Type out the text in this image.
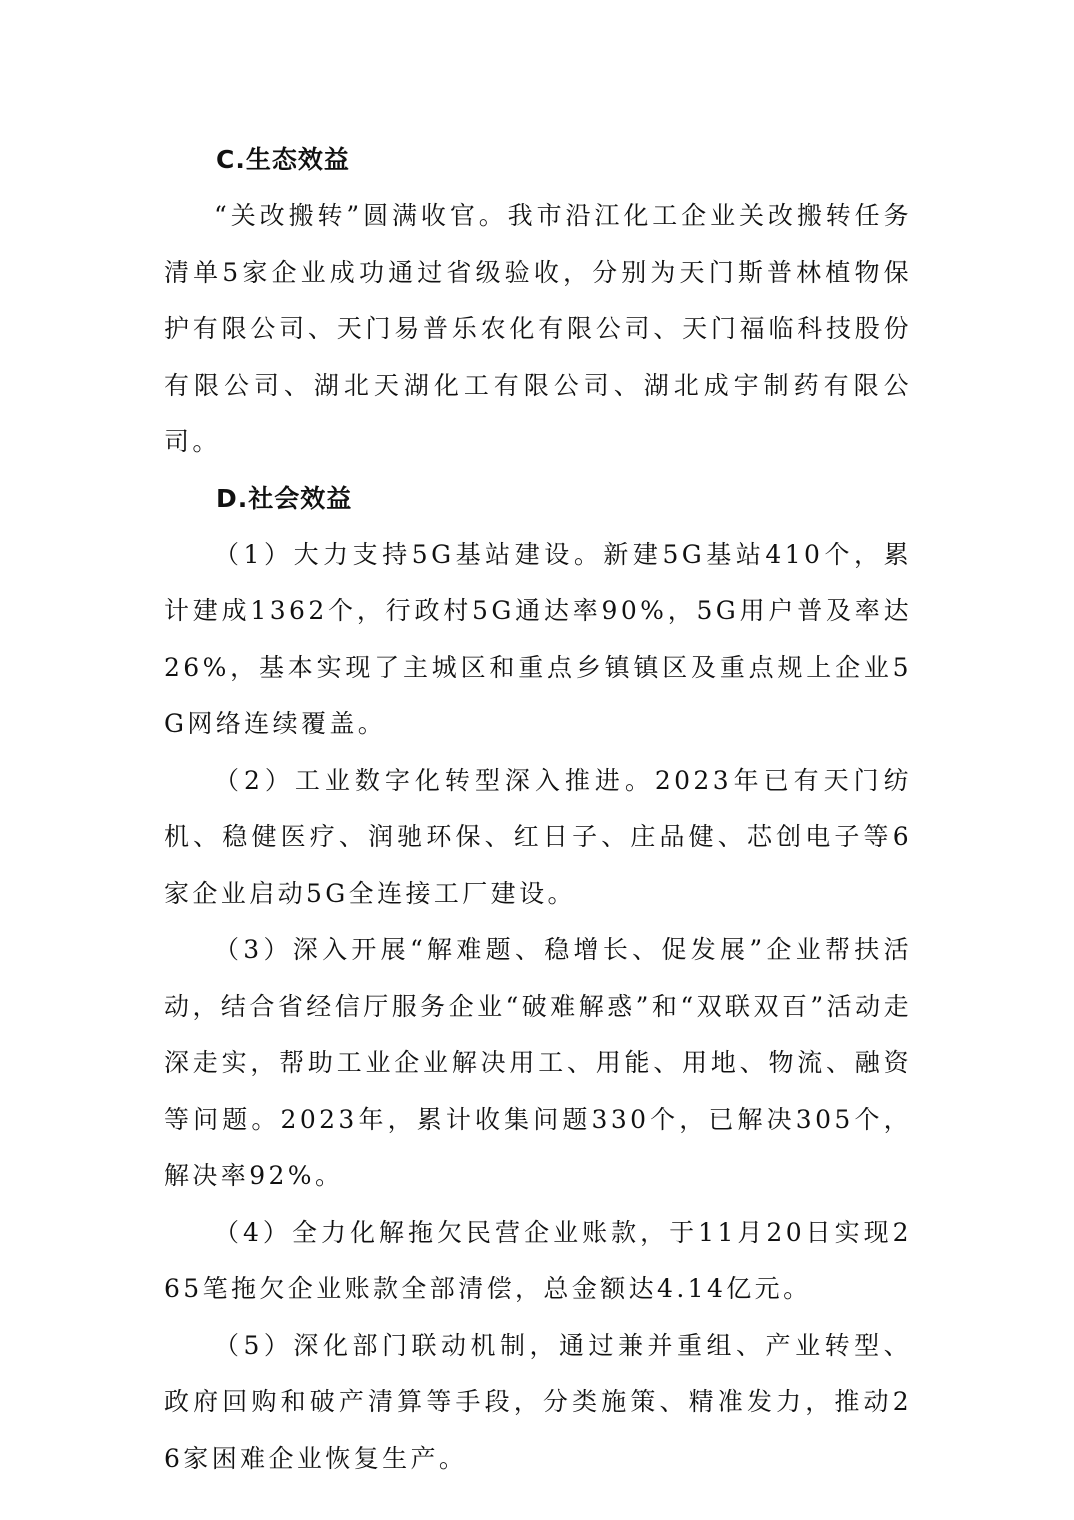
C.生态效益

“关改搬转”圆满收官。我市沿江化工企业关改搬转任务清单5家企业成功通过省级验收，分别为天门斯普林植物保护有限公司、天门易普乐农化有限公司、天门福临科技股份有限公司、湖北天湖化工有限公司、湖北成宇制药有限公司。

D.社会效益

（1）大力支持5G基站建设。新建5G基站410个，累计建成1362个，行政村5G通达率90%，5G用户普及率达26%，基本实现了主城区和重点乡镇镇区及重点规上企业5G网络连续覆盖。

（2）工业数字化转型深入推进。2023年已有天门纺机、稳健医疗、润驰环保、红日子、庄品健、芯创电子等6家企业启动5G全连接工厂建设。

（3）深入开展“解难题、稳增长、促发展”企业帮扶活动，结合省经信厅服务企业“破难解惑”和“双联双百”活动走深走实，帮助工业企业解决用工、用能、用地、物流、融资等问题。2023年，累计收集问题330个，已解决305个，解决率92%。

（4）全力化解拖欠民营企业账款，于11月20日实现265笔拖欠企业账款全部清偿，总金额达4.14亿元。

（5）深化部门联动机制，通过兼并重组、产业转型、政府回购和破产清算等手段，分类施策、精准发力，推动26家困难企业恢复生产。
